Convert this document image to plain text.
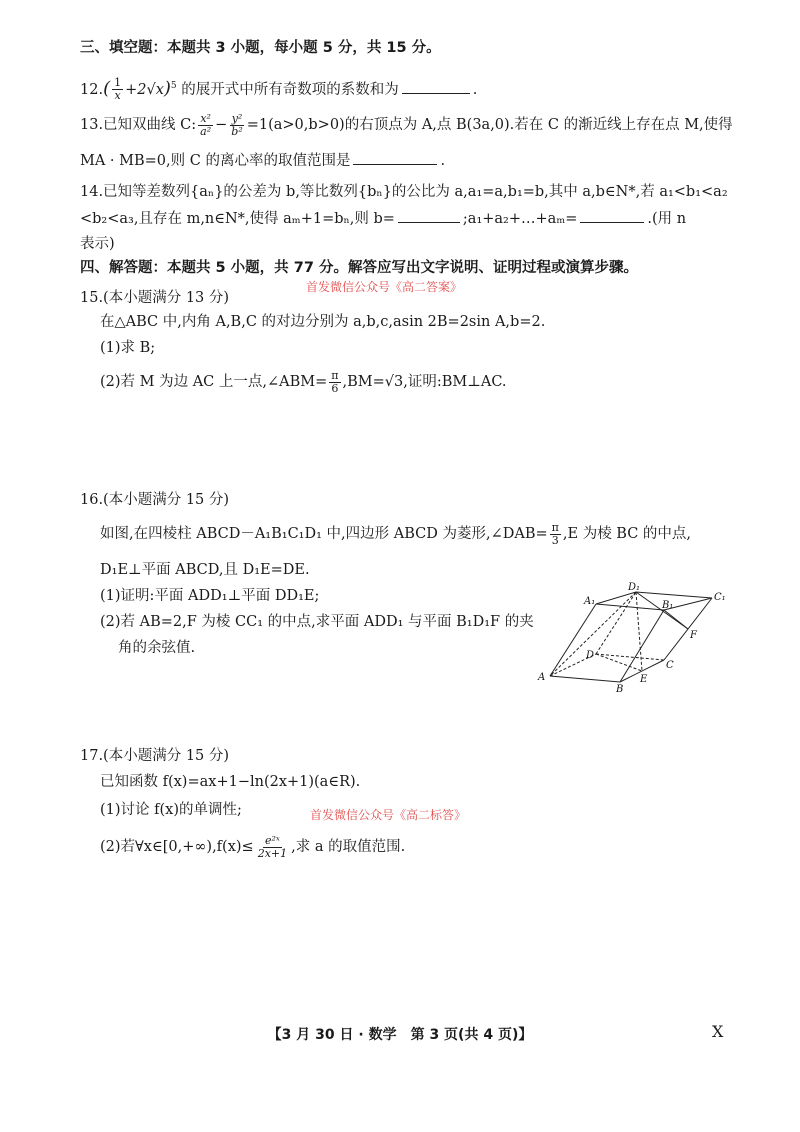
三、填空题：本题共 3 小题，每小题 5 分，共 15 分。
$12.( \frac{1}{x} +2√x)^5$ 的展开式中所有奇数项的系数和为	.
13.已知双曲线 C: $\frac{\text{x²}}{\text{a²}} - \frac{\text{y²}}{\text{b²}} =1(a>0,b>0)$的右顶点为 A,点 B(3a,0).若在 C 的渐近线上存在点 M,使得
MA · MB=0,则 C 的离心率的取值范围是	.
14.已知等差数列{aₙ}的公差为 b,等比数列{bₙ}的公比为 a,a₁=a,b₁=b,其中 a,b∈N*,若 a₁<b₁<a₂
<b₂<a₃,且存在 m,n∈N*,使得 aₘ+1=bₙ,则 b=	;a₁+a₂+…+aₘ=	.(用 n
表示)
四、解答题：本题共 5 小题，共 77 分。解答应写出文字说明、证明过程或演算步骤。
首发微信公众号《高二答案》
15.(本小题满分 13 分)
在△ABC 中,内角 A,B,C 的对边分别为 a,b,c,asin 2B=2sin A,b=2.
(1)求 B;
(2)若 M 为边 AC 上一点,∠ABM= $\frac{\pi}{6} ,BM=√3$,证明:BM⊥AC.
16.(本小题满分 15 分)
如图,在四棱柱 ABCD－A₁B₁C₁D₁ 中,四边形 ABCD 为菱形,∠DAB= $\frac{\pi}{3} ,E$ 为棱 BC 的中点,
D₁E⊥平面 ABCD,且 D₁E=DE.
(1)证明:平面 ADD₁⊥平面 DD₁E;
(2)若 AB=2,F 为棱 CC₁ 的中点,求平面 ADD₁ 与平面 B₁D₁F 的夹
角的余弦值.
A
B
C
D
E
F
A₁	B₁
C₁
D₁
17.(本小题满分 15 分)
已知函数 f(x)=ax+1−ln(2x+1)(a∈R).
(1)讨论 f(x)的单调性;	首发微信公众号《高二标答》
(2)若∀x∈[0,+∞),f(x)≤ $\frac{\text{e²ˣ}}{2x+1}$ ,求 a 的取值范围.
【3 月 30 日 · 数学　第 3 页(共 4 页)】	X
